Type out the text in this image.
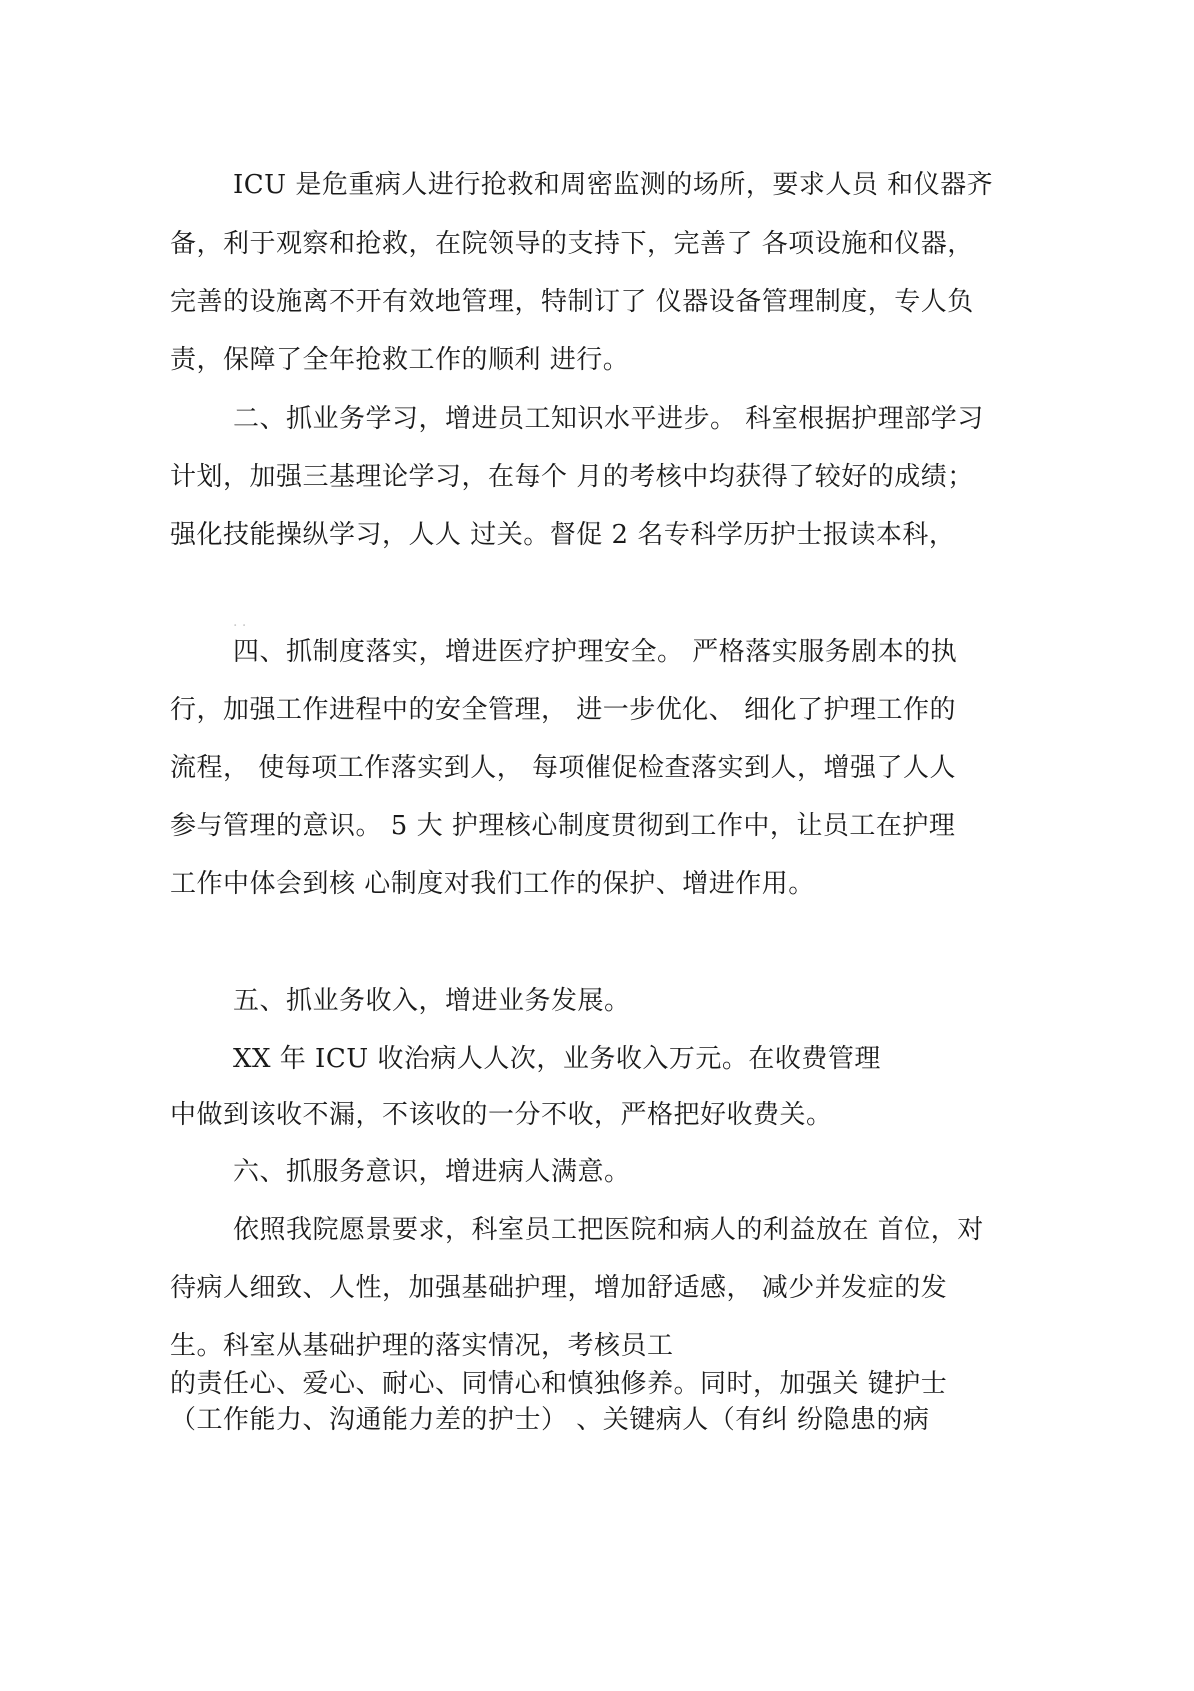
ICU 是危重病人进行抢救和周密监测的场所，要求人员 和仪器齐

备，利于观察和抢救，在院领导的支持下，完善了 各项设施和仪器，

完善的设施离不开有效地管理，特制订了 仪器设备管理制度，专人负

责，保障了全年抢救工作的顺利 进行。

二、抓业务学习，增进员工知识水平进步。 科室根据护理部学习

计划，加强三基理论学习，在每个 月的考核中均获得了较好的成绩；

强化技能操纵学习，人人 过关。督促 2 名专科学历护士报读本科，

· ·

四、抓制度落实，增进医疗护理安全。 严格落实服务剧本的执

行，加强工作进程中的安全管理， 进一步优化、 细化了护理工作的

流程， 使每项工作落实到人， 每项催促检查落实到人，增强了人人

参与管理的意识。 5 大 护理核心制度贯彻到工作中，让员工在护理

工作中体会到核 心制度对我们工作的保护、增进作用。

五、抓业务收入，增进业务发展。

XX 年 ICU 收治病人人次，业务收入万元。在收费管理

中做到该收不漏，不该收的一分不收，严格把好收费关。

六、抓服务意识，增进病人满意。

依照我院愿景要求，科室员工把医院和病人的利益放在 首位，对

待病人细致、人性，加强基础护理，增加舒适感， 减少并发症的发

生。科室从基础护理的落实情况，考核员工

的责任心、爱心、耐心、同情心和慎独修养。同时，加强关 键护士

（工作能力、沟通能力差的护士） 、关键病人（有纠 纷隐患的病
